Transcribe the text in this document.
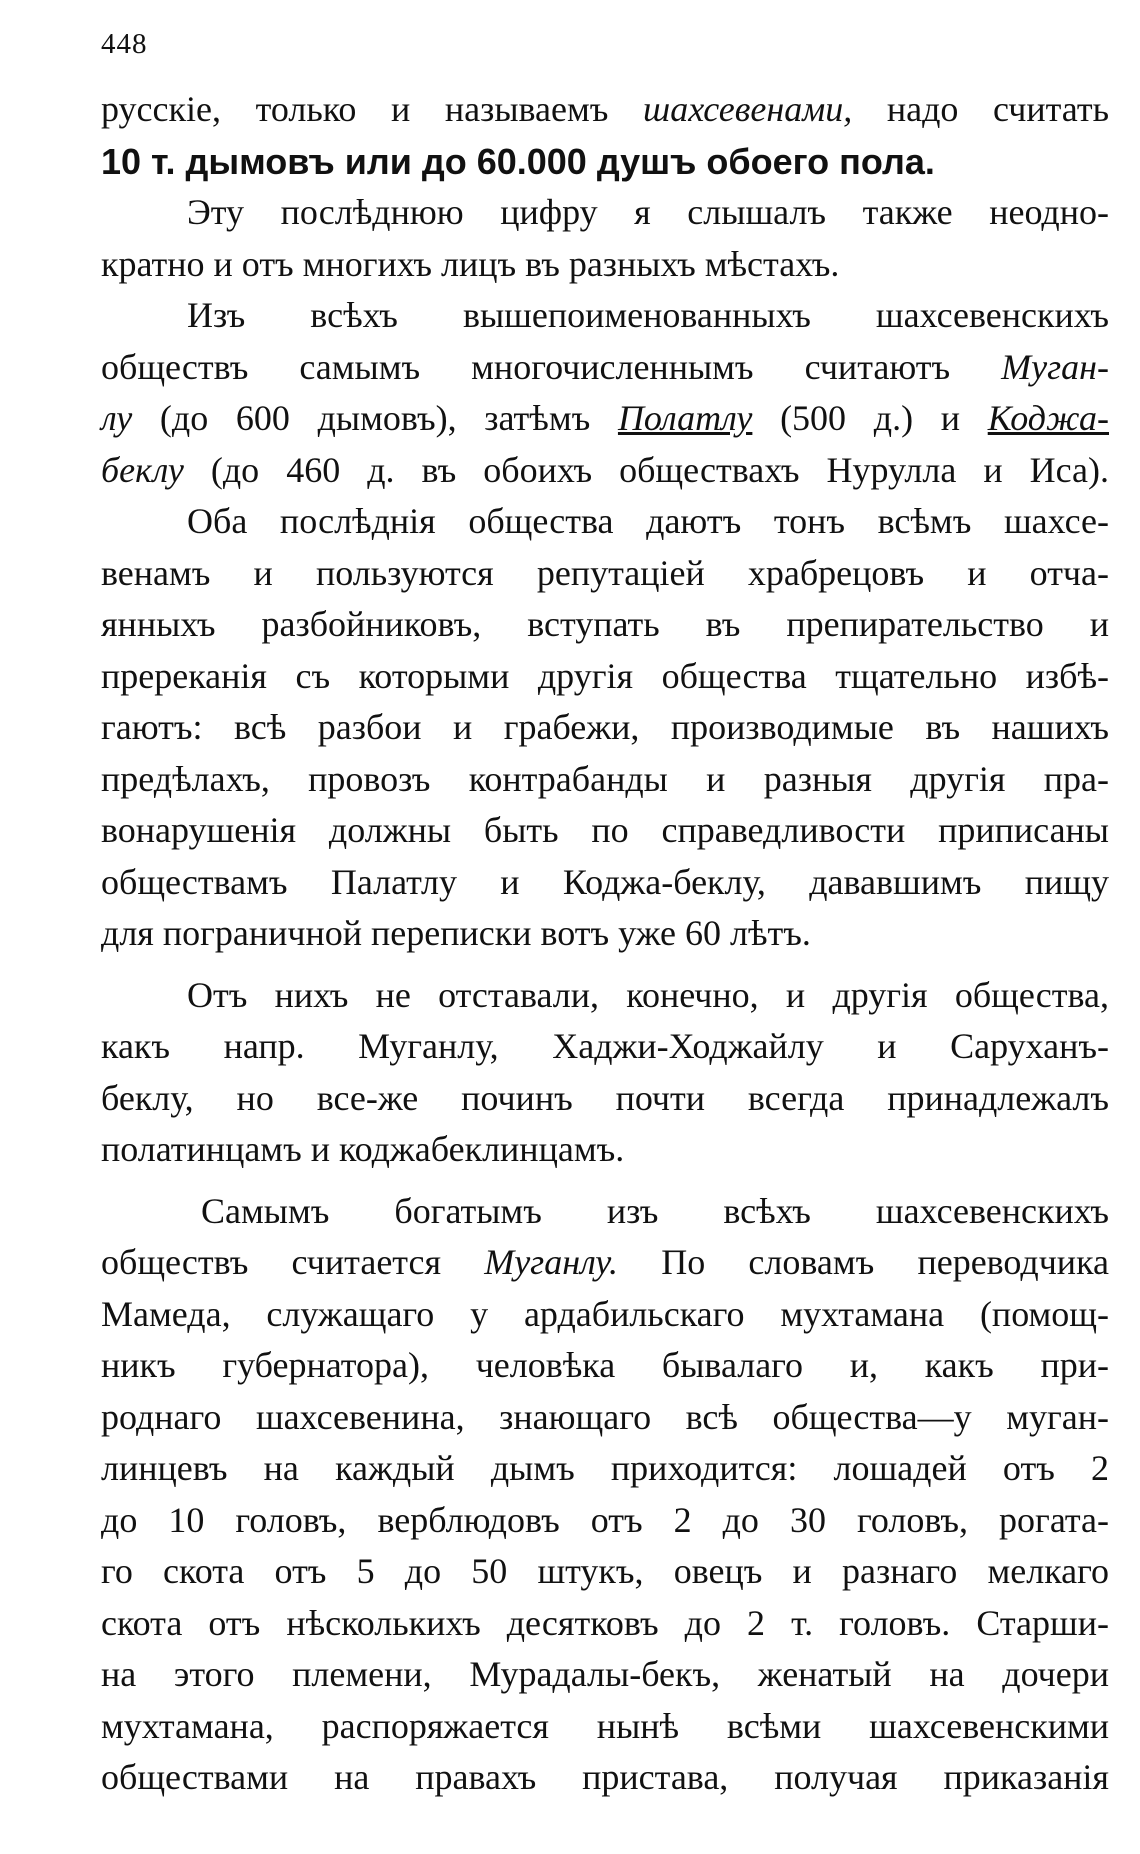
448
русскіе, только и называемъ шахсевенами, надо считать
10 т. дымовъ или до 60.000 душъ обоего пола.
Эту послѣднюю цифру я слышалъ также неодно-
кратно и отъ многихъ лицъ въ разныхъ мѣстахъ.
Изъ всѣхъ вышепоименованныхъ шахсевенскихъ
обществъ самымъ многочисленнымъ считаютъ Муган-
лу (до 600 дымовъ), затѣмъ Полатлу (500 д.) и Коджа-
беклу (до 460 д. въ обоихъ обществахъ Нурулла и Иса).
Оба послѣднія общества даютъ тонъ всѣмъ шахсе-
венамъ и пользуются репутаціей храбрецовъ и отча-
янныхъ разбойниковъ, вступать въ препирательство и
пререканія съ которыми другія общества тщательно избѣ-
гаютъ: всѣ разбои и грабежи, производимые въ нашихъ
предѣлахъ, провозъ контрабанды и разныя другія пра-
вонарушенія должны быть по справедливости приписаны
обществамъ Палатлу и Коджа-беклу, дававшимъ пищу
для пограничной переписки вотъ уже 60 лѣтъ.
Отъ нихъ не отставали, конечно, и другія общества,
какъ напр. Муганлу, Хаджи-Ходжайлу и Саруханъ-
беклу, но все-же починъ почти всегда принадлежалъ
полатинцамъ и коджабеклинцамъ.
Самымъ богатымъ изъ всѣхъ шахсевенскихъ
обществъ считается Муганлу. По словамъ переводчика
Мамеда, служащаго у ардабильскаго мухтамана (помощ-
никъ губернатора), человѣка бывалаго и, какъ при-
роднаго шахсевенина, знающаго всѣ общества—у муган-
линцевъ на каждый дымъ приходится: лошадей отъ 2
до 10 головъ, верблюдовъ отъ 2 до 30 головъ, рогата-
го скота отъ 5 до 50 штукъ, овецъ и разнаго мелкаго
скота отъ нѣсколькихъ десятковъ до 2 т. головъ. Старши-
на этого племени, Мурадалы-бекъ, женатый на дочери
мухтамана, распоряжается нынѣ всѣми шахсевенскими
обществами на правахъ пристава, получая приказанія
